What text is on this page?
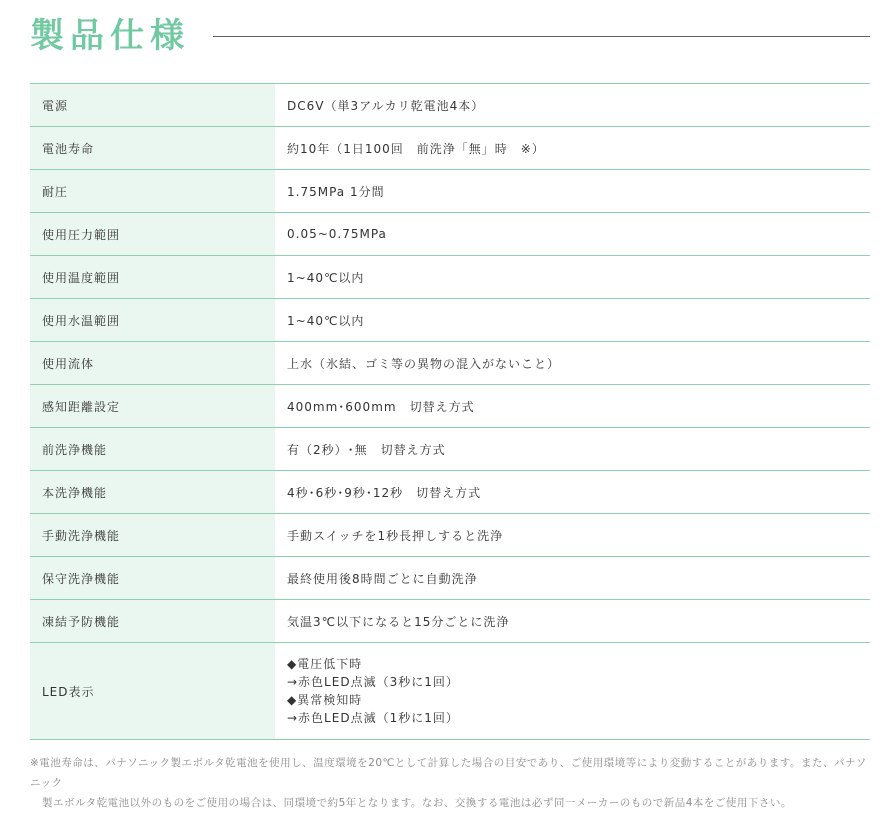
製品仕様
電源	DC6V（単3アルカリ乾電池4本）
電池寿命	約10年（1日100回　前洗浄「無」時　※）
耐圧	1.75MPa 1分間
使用圧力範囲	0.05~0.75MPa
使用温度範囲	1~40℃以内
使用水温範囲	1~40℃以内
使用流体	上水（氷結、ゴミ等の異物の混入がないこと）
感知距離設定	400mm･600mm　切替え方式
前洗浄機能	有（2秒）･無　切替え方式
本洗浄機能	4秒･6秒･9秒･12秒　切替え方式
手動洗浄機能	手動スイッチを1秒長押しすると洗浄
保守洗浄機能	最終使用後8時間ごとに自動洗浄
凍結予防機能	気温3℃以下になると15分ごとに洗浄
LED表示	◆電圧低下時
→赤色LED点滅（3秒に1回）
◆異常検知時
→赤色LED点滅（1秒に1回）
※電池寿命は、パナソニック製エボルタ乾電池を使用し、温度環境を20℃として計算した場合の目安であり、ご使用環境等により変動することがあります。また、パナソニック
製エボルタ乾電池以外のものをご使用の場合は、同環境で約5年となります。なお、交換する電池は必ず同一メーカーのもので新品4本をご使用下さい。
